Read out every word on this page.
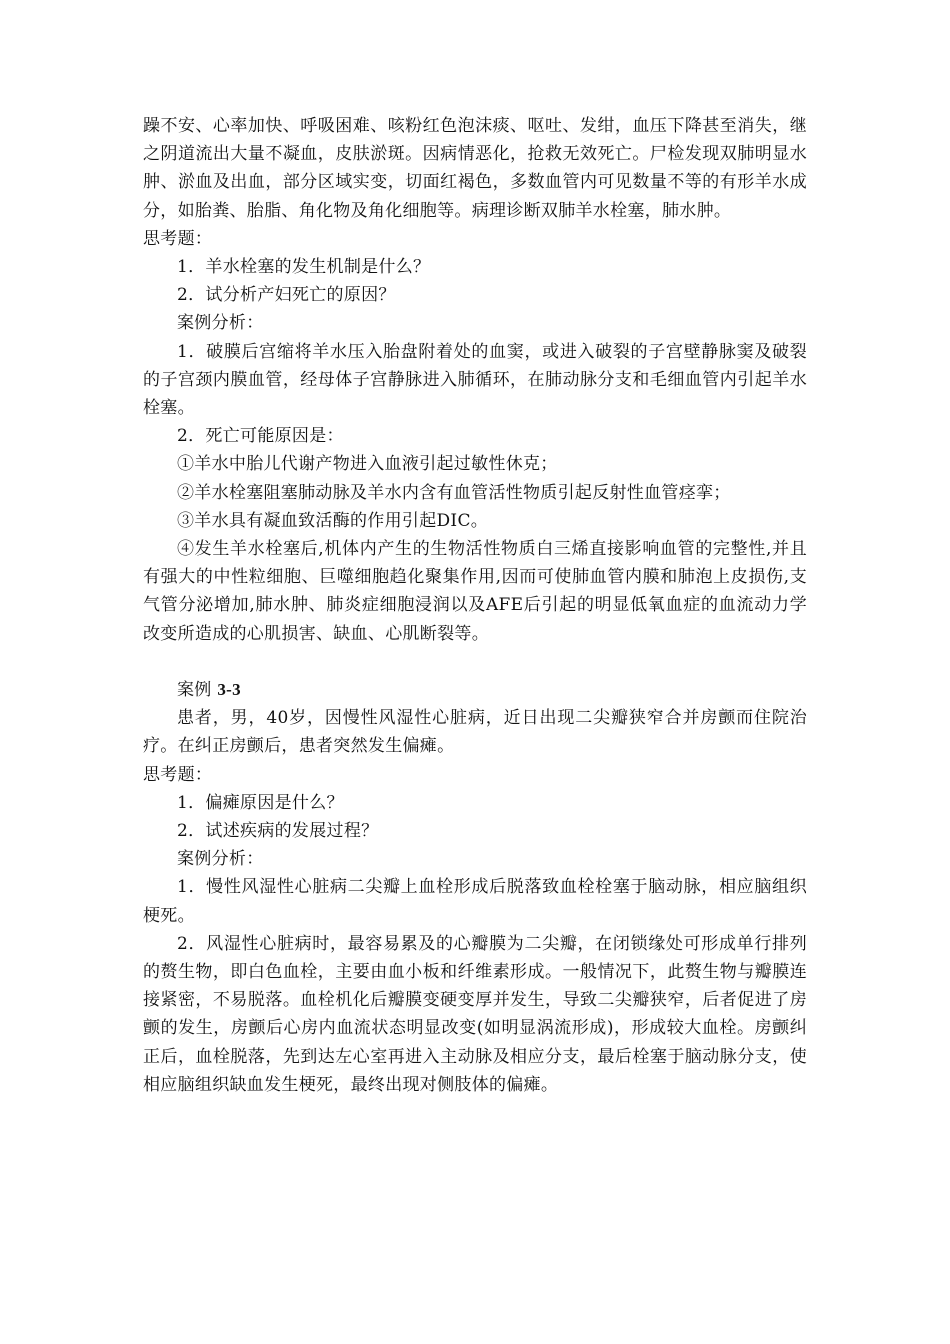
躁不安、心率加快、呼吸困难、咳粉红色泡沫痰、呕吐、发绀，血压下降甚至消失，继之阴道流出大量不凝血，皮肤淤斑。因病情恶化，抢救无效死亡。尸检发现双肺明显水肿、淤血及出血，部分区域实变，切面红褐色，多数血管内可见数量不等的有形羊水成分，如胎粪、胎脂、角化物及角化细胞等。病理诊断双肺羊水栓塞，肺水肿。

思考题：

1．羊水栓塞的发生机制是什么？

2．试分析产妇死亡的原因？

案例分析：

1．破膜后宫缩将羊水压入胎盘附着处的血窦，或进入破裂的子宫壁静脉窦及破裂的子宫颈内膜血管，经母体子宫静脉进入肺循环，在肺动脉分支和毛细血管内引起羊水栓塞。

2．死亡可能原因是：

①羊水中胎儿代谢产物进入血液引起过敏性休克；

②羊水栓塞阻塞肺动脉及羊水内含有血管活性物质引起反射性血管痉挛；

③羊水具有凝血致活酶的作用引起DIC。

④发生羊水栓塞后,机体内产生的生物活性物质白三烯直接影响血管的完整性,并且有强大的中性粒细胞、巨噬细胞趋化聚集作用,因而可使肺血管内膜和肺泡上皮损伤,支气管分泌增加,肺水肿、肺炎症细胞浸润以及AFE后引起的明显低氧血症的血流动力学改变所造成的心肌损害、缺血、心肌断裂等。

案例 3-3

患者，男，40岁，因慢性风湿性心脏病，近日出现二尖瓣狭窄合并房颤而住院治疗。在纠正房颤后，患者突然发生偏瘫。

思考题：

1．偏瘫原因是什么？

2．试述疾病的发展过程？

案例分析：

1．慢性风湿性心脏病二尖瓣上血栓形成后脱落致血栓栓塞于脑动脉，相应脑组织梗死。

2．风湿性心脏病时，最容易累及的心瓣膜为二尖瓣，在闭锁缘处可形成单行排列的赘生物，即白色血栓，主要由血小板和纤维素形成。一般情况下，此赘生物与瓣膜连接紧密，不易脱落。血栓机化后瓣膜变硬变厚并发生，导致二尖瓣狭窄，后者促进了房颤的发生，房颤后心房内血流状态明显改变(如明显涡流形成)，形成较大血栓。房颤纠正后，血栓脱落，先到达左心室再进入主动脉及相应分支，最后栓塞于脑动脉分支，使相应脑组织缺血发生梗死，最终出现对侧肢体的偏瘫。
